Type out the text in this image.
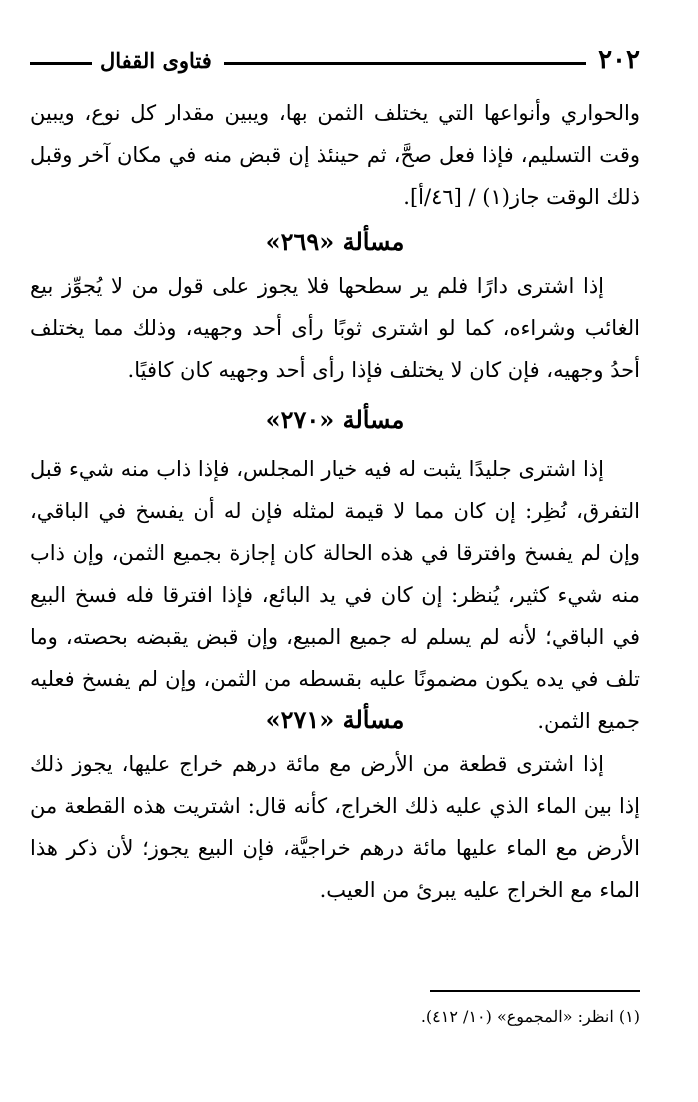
٢٠٢
فتاوى القفال

والحواري وأنواعها التي يختلف الثمن بها، ويبين مقدار كل نوع، ويبين وقت التسليم، فإذا فعل صحَّ، ثم حينئذ إن قبض منه في مكان آخر وقبل ذلك الوقت جاز(١) / [٤٦/أ].

مسألة «٢٦٩»

إذا اشترى دارًا فلم ير سطحها فلا يجوز على قول من لا يُجوِّز بيع الغائب وشراءه، كما لو اشترى ثوبًا رأى أحد وجهيه، وذلك مما يختلف أحدُ وجهيه، فإن كان لا يختلف فإذا رأى أحد وجهيه كان كافيًا.

مسألة «٢٧٠»

إذا اشترى جليدًا يثبت له فيه خيار المجلس، فإذا ذاب منه شيء قبل التفرق، نُظِر: إن كان مما لا قيمة لمثله فإن له أن يفسخ في الباقي، وإن لم يفسخ وافترقا في هذه الحالة كان إجازة بجميع الثمن، وإن ذاب منه شيء كثير، يُنظر: إن كان في يد البائع، فإذا افترقا فله فسخ البيع في الباقي؛ لأنه لم يسلم له جميع المبيع، وإن قبض يقبضه بحصته، وما تلف في يده يكون مضمونًا عليه بقسطه من الثمن، وإن لم يفسخ فعليه جميع الثمن.

مسألة «٢٧١»

إذا اشترى قطعة من الأرض مع مائة درهم خراج عليها، يجوز ذلك إذا بين الماء الذي عليه ذلك الخراج، كأنه قال: اشتريت هذه القطعة من الأرض مع الماء عليها مائة درهم خراجيَّة، فإن البيع يجوز؛ لأن ذكر هذا الماء مع الخراج عليه يبرئ من العيب.

(١) انظر: «المجموع» (١٠/ ٤١٢).
